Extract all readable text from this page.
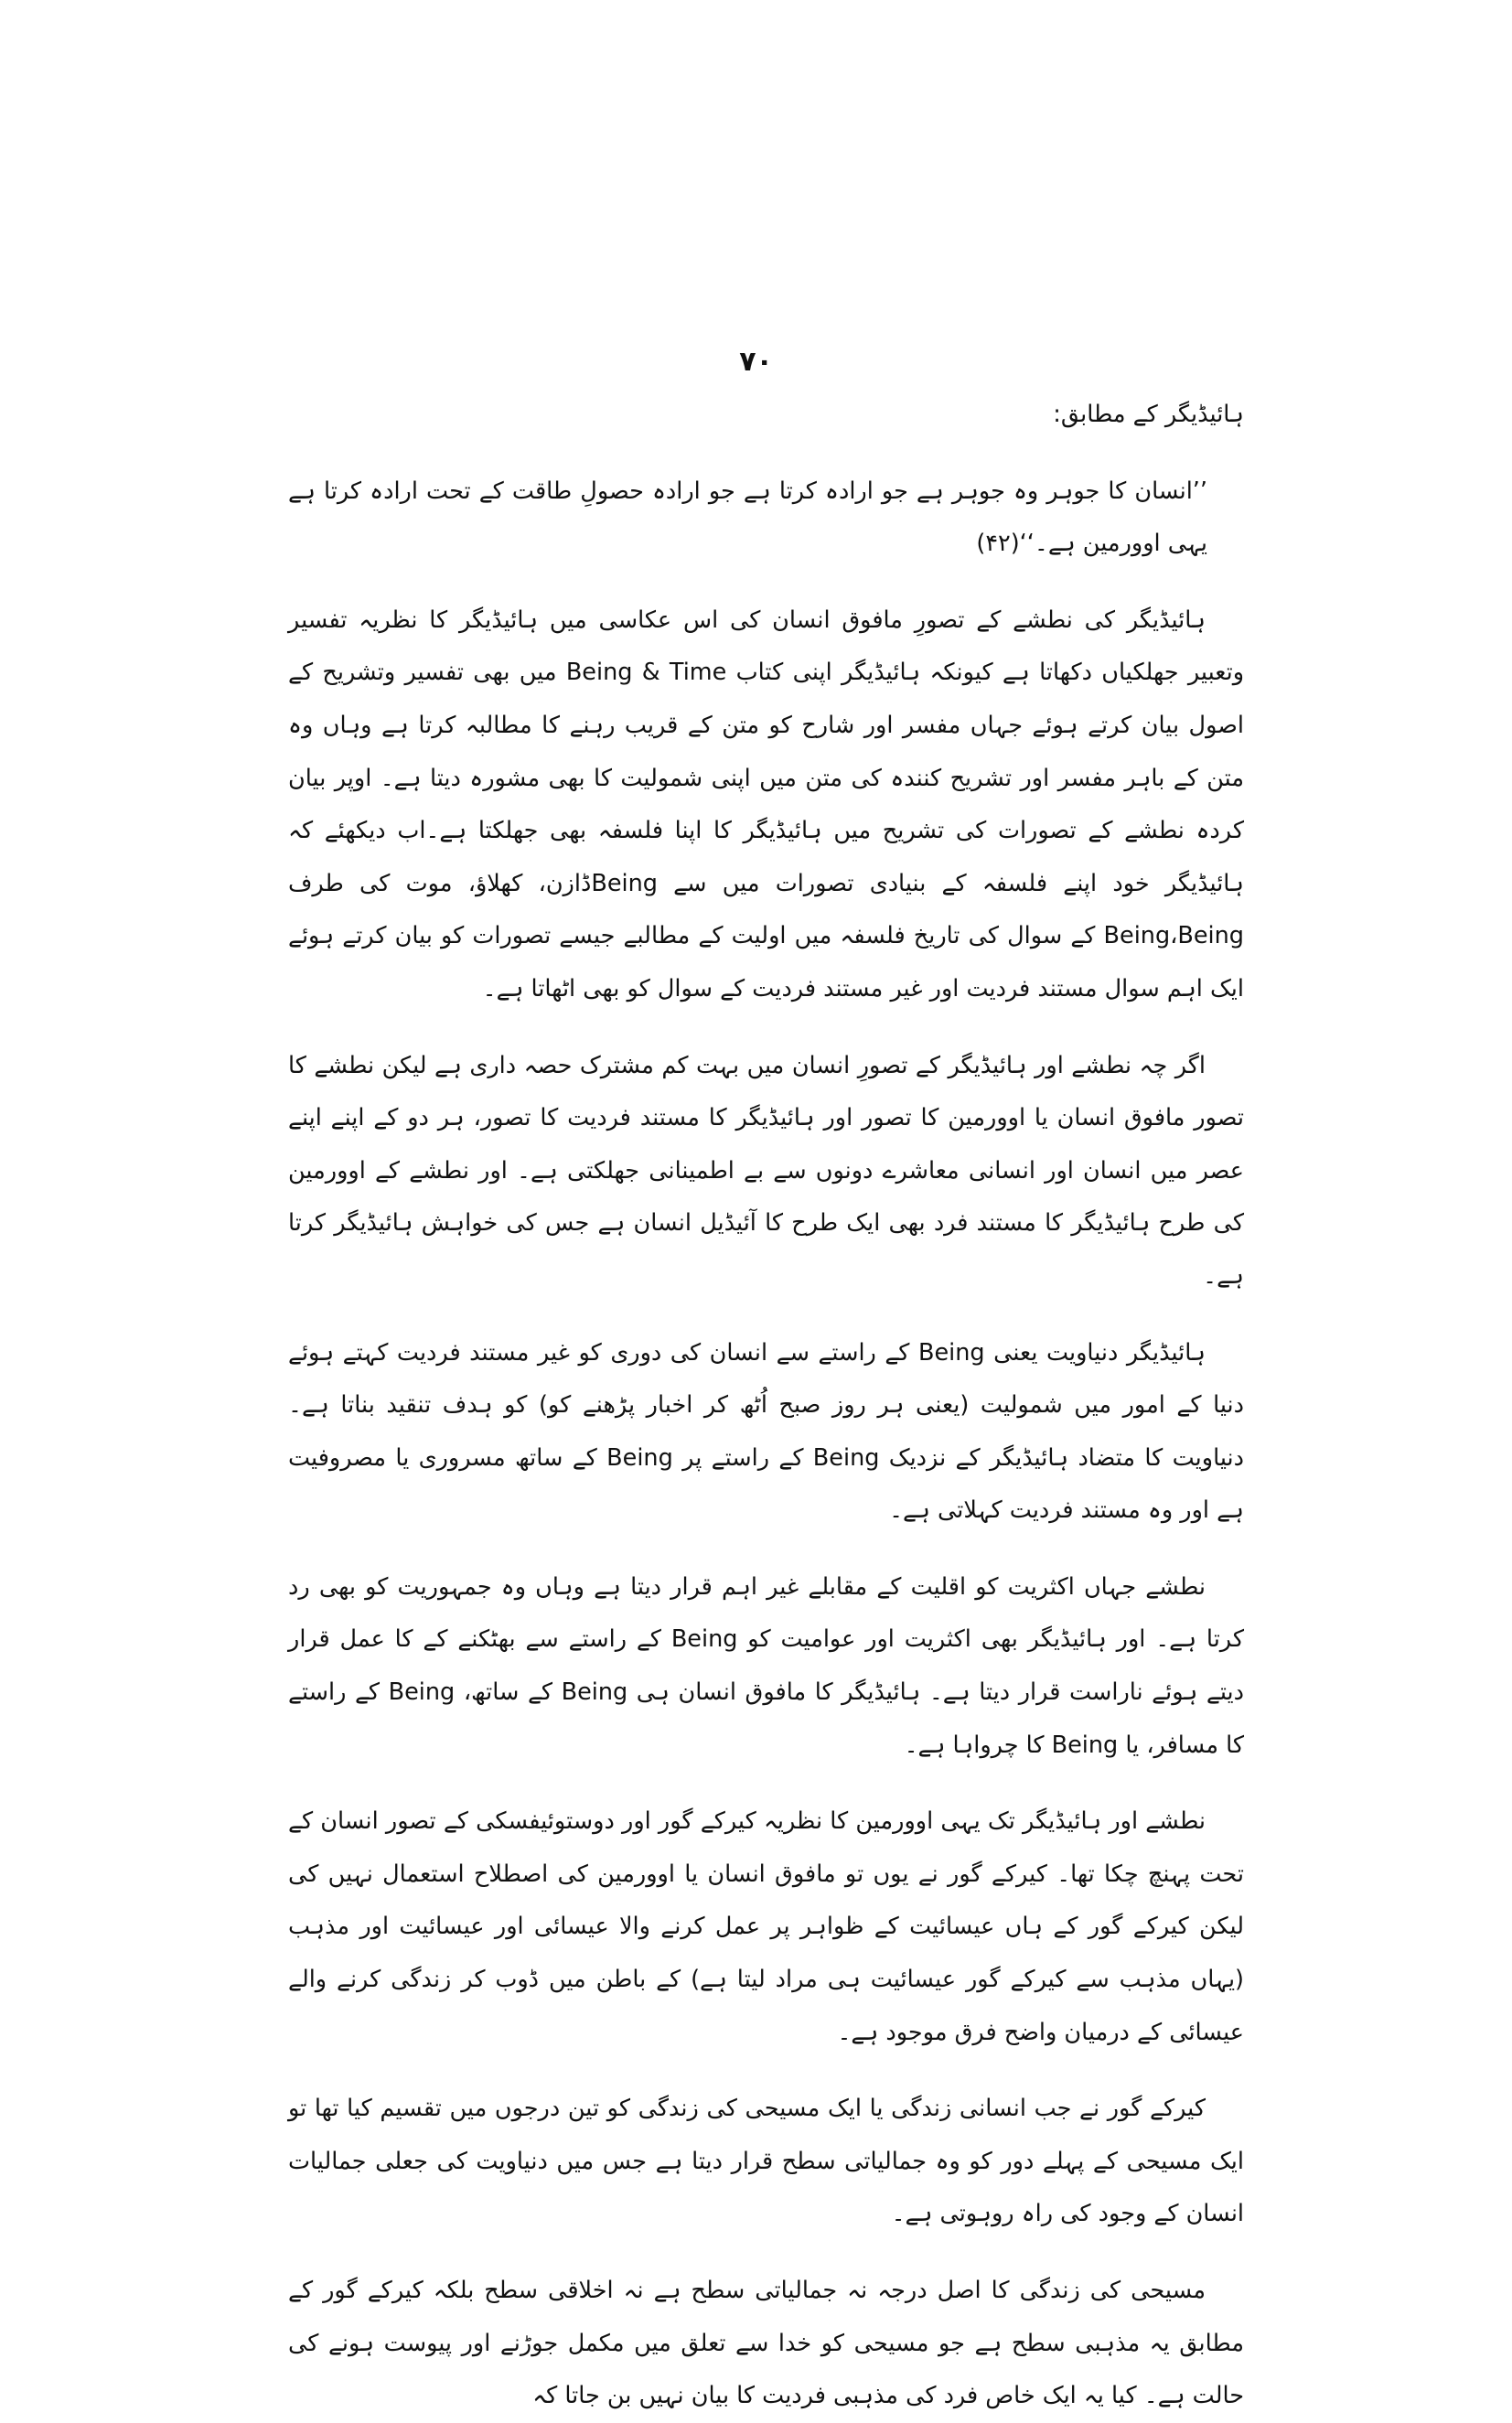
۷۰
ہائیڈیگر کے مطابق:
’’انسان کا جوہر وہ جوہر ہے جو ارادہ کرتا ہے جو ارادہ حصولِ طاقت کے تحت ارادہ کرتا ہے یہی اوورمین ہے۔‘‘(۴۲)

ہائیڈیگر کی نطشے کے تصورِ مافوق انسان کی اس عکاسی میں ہائیڈیگر کا نظریہ تفسیر وتعبیر جھلکیاں دکھاتا ہے کیونکہ ہائیڈیگر اپنی کتاب Being & Time میں بھی تفسیر وتشریح کے اصول بیان کرتے ہوئے جہاں مفسر اور شارح کو متن کے قریب رہنے کا مطالبہ کرتا ہے وہاں وہ متن کے باہر مفسر اور تشریح کنندہ کی متن میں اپنی شمولیت کا بھی مشورہ دیتا ہے۔ اوپر بیان کردہ نطشے کے تصورات کی تشریح میں ہائیڈیگر کا اپنا فلسفہ بھی جھلکتا ہے۔اب دیکھئے کہ ہائیڈیگر خود اپنے فلسفہ کے بنیادی تصورات میں سے Beingڈازن، کھلاؤ، موت کی طرف Being،Being کے سوال کی تاریخ فلسفہ میں اولیت کے مطالبے جیسے تصورات کو بیان کرتے ہوئے ایک اہم سوال مستند فردیت اور غیر مستند فردیت کے سوال کو بھی اٹھاتا ہے۔

اگر چہ نطشے اور ہائیڈیگر کے تصورِ انسان میں بہت کم مشترک حصہ داری ہے لیکن نطشے کا تصور مافوق انسان یا اوورمین کا تصور اور ہائیڈیگر کا مستند فردیت کا تصور، ہر دو کے اپنے اپنے عصر میں انسان اور انسانی معاشرے دونوں سے بے اطمینانی جھلکتی ہے۔ اور نطشے کے اوورمین کی طرح ہائیڈیگر کا مستند فرد بھی ایک طرح کا آئیڈیل انسان ہے جس کی خواہش ہائیڈیگر کرتا ہے۔

ہائیڈیگر دنیاویت یعنی Being کے راستے سے انسان کی دوری کو غیر مستند فردیت کہتے ہوئے دنیا کے امور میں شمولیت (یعنی ہر روز صبح اُٹھ کر اخبار پڑھنے کو) کو ہدف تنقید بناتا ہے۔ دنیاویت کا متضاد ہائیڈیگر کے نزدیک Being کے راستے پر Being کے ساتھ مسروری یا مصروفیت ہے اور وہ مستند فردیت کہلاتی ہے۔

نطشے جہاں اکثریت کو اقلیت کے مقابلے غیر اہم قرار دیتا ہے وہاں وہ جمہوریت کو بھی رد کرتا ہے۔ اور ہائیڈیگر بھی اکثریت اور عوامیت کو Being کے راستے سے بھٹکنے کے کا عمل قرار دیتے ہوئے ناراست قرار دیتا ہے۔ ہائیڈیگر کا مافوق انسان ہی Being کے ساتھ، Being کے راستے کا مسافر، یا Being کا چرواہا ہے۔

نطشے اور ہائیڈیگر تک یہی اوورمین کا نظریہ کیرکے گور اور دوستوئیفسکی کے تصور انسان کے تحت پہنچ چکا تھا۔ کیرکے گور نے یوں تو مافوق انسان یا اوورمین کی اصطلاح استعمال نہیں کی لیکن کیرکے گور کے ہاں عیسائیت کے ظواہر پر عمل کرنے والا عیسائی اور عیسائیت اور مذہب (یہاں مذہب سے کیرکے گور عیسائیت ہی مراد لیتا ہے) کے باطن میں ڈوب کر زندگی کرنے والے عیسائی کے درمیان واضح فرق موجود ہے۔

کیرکے گور نے جب انسانی زندگی یا ایک مسیحی کی زندگی کو تین درجوں میں تقسیم کیا تھا تو ایک مسیحی کے پہلے دور کو وہ جمالیاتی سطح قرار دیتا ہے جس میں دنیاویت کی جعلی جمالیات انسان کے وجود کی راہ روہوتی ہے۔

مسیحی کی زندگی کا اصل درجہ نہ جمالیاتی سطح ہے نہ اخلاقی سطح بلکہ کیرکے گور کے مطابق یہ مذہبی سطح ہے جو مسیحی کو خدا سے تعلق میں مکمل جوڑنے اور پیوست ہونے کی حالت ہے۔ کیا یہ ایک خاص فرد کی مذہبی فردیت کا بیان نہیں بن جاتا کہ
